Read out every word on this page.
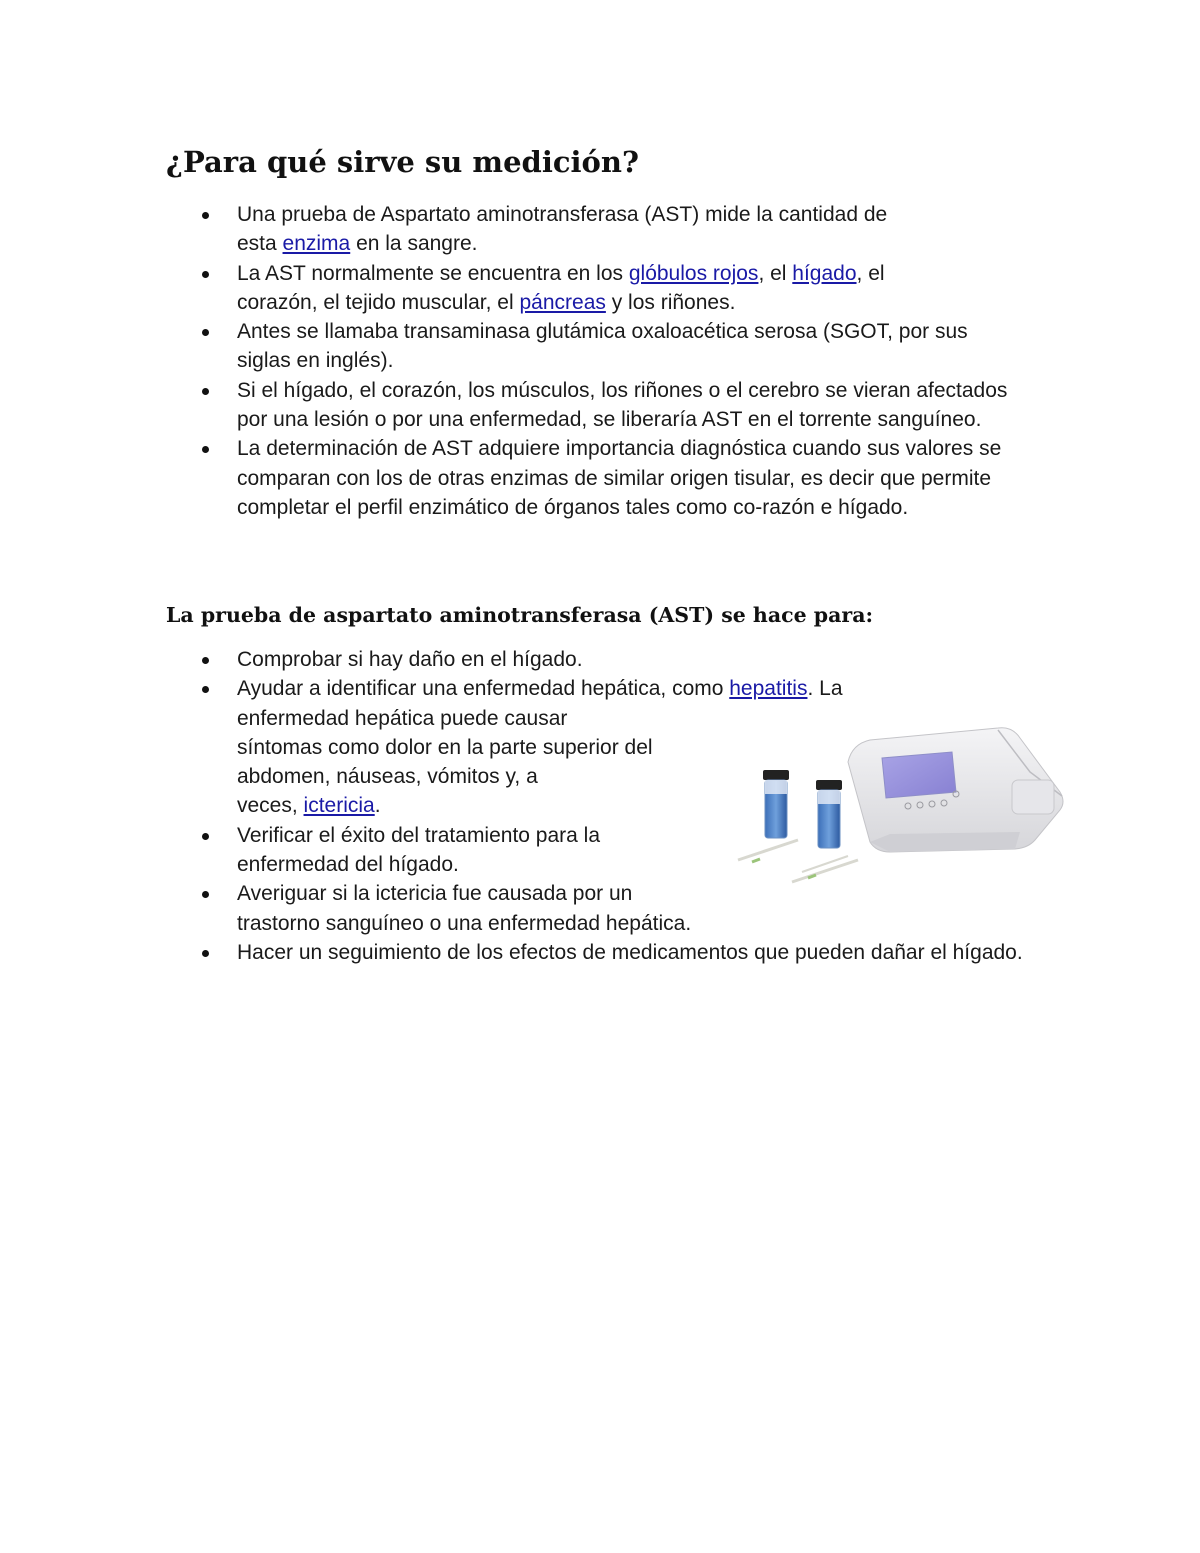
¿Para qué sirve su medición?
Una prueba de Aspartato aminotransferasa (AST) mide la cantidad de
esta enzima en la sangre.
La AST normalmente se encuentra en los glóbulos rojos, el hígado, el
corazón, el tejido muscular, el páncreas y los riñones.
Antes se llamaba transaminasa glutámica oxaloacética serosa (SGOT, por sus siglas en inglés).
Si el hígado, el corazón, los músculos, los riñones o el cerebro se vieran afectados por una lesión o por una enfermedad, se liberaría AST en el torrente sanguíneo.
La determinación de AST adquiere importancia diagnóstica cuando sus valores se comparan con los de otras enzimas de similar origen tisular, es decir que permite completar el perfil enzimático de órganos tales como co-razón e hígado.
La prueba de aspartato aminotransferasa (AST) se hace para:
Comprobar si hay daño en el hígado.
Ayudar a identificar una enfermedad hepática, como hepatitis. La
enfermedad hepática puede causar
síntomas como dolor en la parte superior del
abdomen, náuseas, vómitos y, a
veces, ictericia.
Verificar el éxito del tratamiento para la
enfermedad del hígado.
Averiguar si la ictericia fue causada por un
trastorno sanguíneo o una enfermedad hepática.
Hacer un seguimiento de los efectos de medicamentos que pueden dañar el hígado.
